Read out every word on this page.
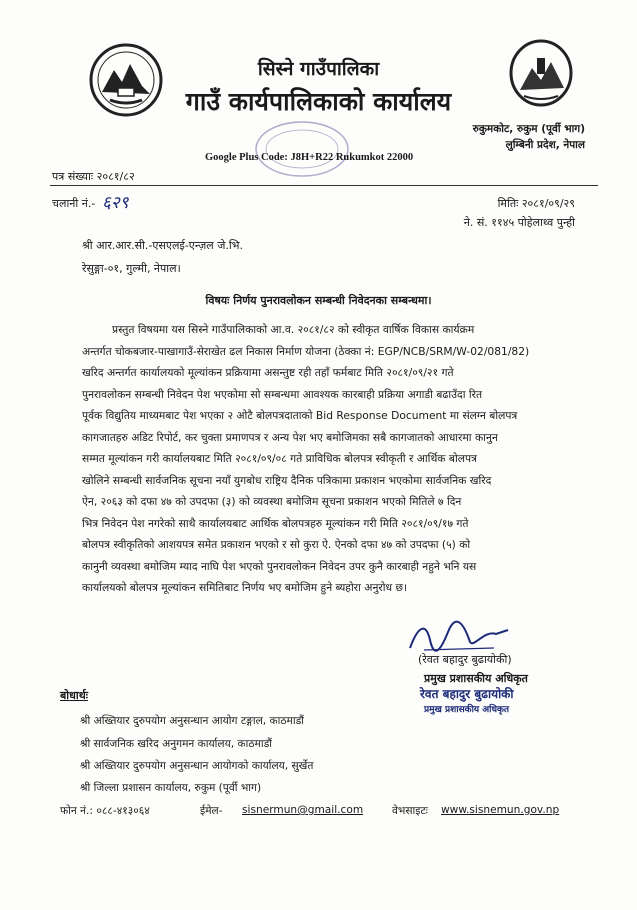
सिस्ने गाउँपालिका
गाउँ कार्यपालिकाको कार्यालय
रुकुमकोट, रुकुम (पूर्वी भाग)
लुम्बिनी प्रदेश, नेपाल
Google Plus Code: J8H+R22 Rukumkot 22000
पत्र संख्याः २०८१/८२
चलानी नं.- ६२९	मितिः २०८१/०९/२९
ने. सं. ११४५ पोहेलाथ्व पुन्ही
श्री आर.आर.सी.-एसएलई-एन्ज़ल जे.भि.
रेसुङ्गा-०१, गुल्मी, नेपाल।
विषयः निर्णय पुनरावलोकन सम्बन्धी निवेदनका सम्बन्धमा।
प्रस्तुत विषयमा यस सिस्ने गाउँपालिकाको आ.व. २०८१/८२ को स्वीकृत वार्षिक विकास कार्यक्रम
अन्तर्गत चोकबजार-पाखागाउँ-सेराखेत ढल निकास निर्माण योजना (ठेक्का नं: EGP/NCB/SRM/W-02/081/82)
खरिद अन्तर्गत कार्यालयको मूल्यांकन प्रक्रियामा असन्तुष्ट रही तहाँ फर्मबाट मिति २०८१/०९/२१ गते
पुनरावलोकन सम्बन्धी निवेदन पेश भएकोमा सो सम्बन्धमा आवश्यक कारबाही प्रक्रिया अगाडी बढाउँदा रित
पूर्वक विद्युतिय माध्यमबाट पेश भएका २ ओटै बोलपत्रदाताको Bid Response Document मा संलग्न बोलपत्र
कागजातहरु अडिट रिपोर्ट, कर चुक्ता प्रमाणपत्र र अन्य पेश भए बमोजिमका सबै कागजातको आधारमा कानुन
सम्मत मूल्यांकन गरी कार्यालयबाट मिति २०८१/०९/०८ गते प्राविधिक बोलपत्र स्वीकृती र आर्थिक बोलपत्र
खोलिने सम्बन्धी सार्वजनिक सूचना नयाँ युगबोध राष्ट्रिय दैनिक पत्रिकामा प्रकाशन भएकोमा सार्वजनिक खरिद
ऐन, २०६३ को दफा ४७ को उपदफा (३) को व्यवस्था बमोजिम सूचना प्रकाशन भएको मितिले ७ दिन
भित्र निवेदन पेश नगरेको साथै कार्यालयबाट आर्थिक बोलपत्रहरु मूल्यांकन गरी मिति २०८१/०९/१७ गते
बोलपत्र स्वीकृतिको आशयपत्र समेत प्रकाशन भएको र सो कुरा ऐ. ऐनको दफा ४७ को उपदफा (५) को
कानुनी व्यवस्था बमोजिम म्याद नाघि पेश भएको पुनरावलोकन निवेदन उपर कुनै कारबाही नहुने भनि यस
कार्यालयको बोलपत्र मूल्यांकन समितिबाट निर्णय भए बमोजिम हुने ब्यहोरा अनुरोध छ।
(रेवत बहादुर बुढायोकी)
प्रमुख प्रशासकीय अधिकृत
रेवत बहादुर बुढायोकी
प्रमुख प्रशासकीय अधिकृत
बोधार्थः
श्री अख्तियार दुरुपयोग अनुसन्धान आयोग टङ्गाल, काठमाडौं
श्री सार्वजनिक खरिद अनुगमन कार्यालय, काठमाडौं
श्री अख्तियार दुरुपयोग अनुसन्धान आयोगको कार्यालय, सुर्खेत
श्री जिल्ला प्रशासन कार्यालय, रुकुम (पूर्वी भाग)
फोन नं.: ०८८-४१३०६४	ईमेल- sisnermun@gmail.com	वेभसाइटः www.sisnemun.gov.np
